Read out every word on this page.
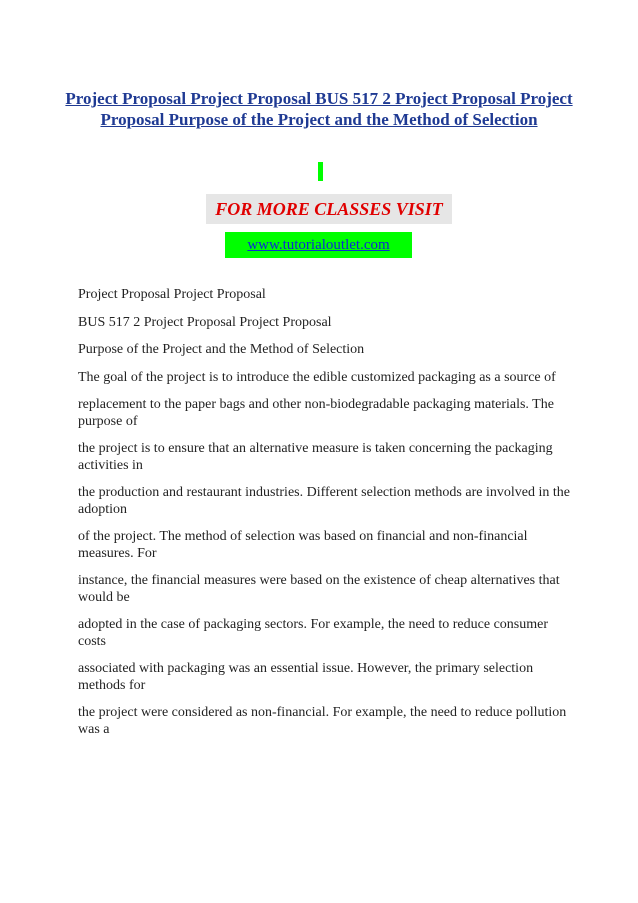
Project Proposal Project Proposal BUS 517 2 Project Proposal Project Proposal Purpose of the Project and the Method of Selection
FOR MORE CLASSES VISIT
www.tutorialoutlet.com

Project Proposal Project Proposal

BUS 517 2 Project Proposal Project Proposal

Purpose of the Project and the Method of Selection

The goal of the project is to introduce the edible customized packaging as a source of

replacement to the paper bags and other non-biodegradable packaging materials. The purpose of

the project is to ensure that an alternative measure is taken concerning the packaging activities in

the production and restaurant industries. Different selection methods are involved in the adoption

of the project. The method of selection was based on financial and non-financial measures. For

instance, the financial measures were based on the existence of cheap alternatives that would be

adopted in the case of packaging sectors. For example, the need to reduce consumer costs

associated with packaging was an essential issue. However, the primary selection methods for

the project were considered as non-financial. For example, the need to reduce pollution was a
